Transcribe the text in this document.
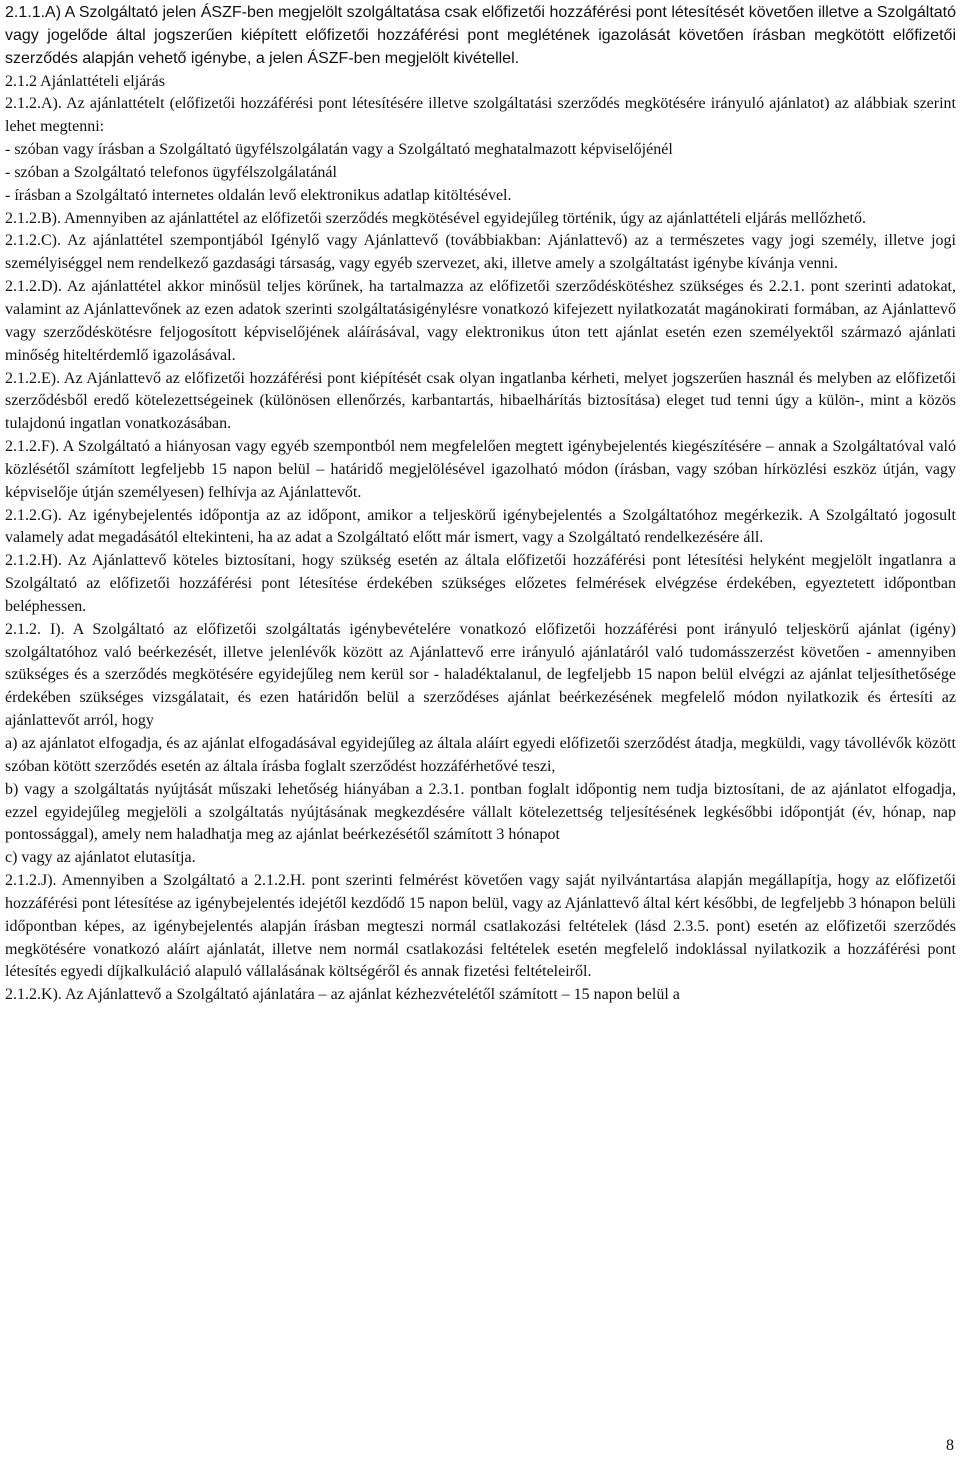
2.1.1.A) A Szolgáltató jelen ÁSZF-ben megjelölt szolgáltatása csak előfizetői hozzáférési pont létesítését követően illetve a Szolgáltató vagy jogelőde által jogszerűen kiépített előfizetői hozzáférési pont meglétének igazolását követően írásban megkötött előfizetői szerződés alapján vehető igénybe, a jelen ÁSZF-ben megjelölt kivétellel.

2.1.2 Ajánlattételi eljárás

2.1.2.A). Az ajánlattételt (előfizetői hozzáférési pont létesítésére illetve szolgáltatási szerződés megkötésére irányuló ajánlatot) az alábbiak szerint lehet megtenni:

- szóban vagy írásban a Szolgáltató ügyfélszolgálatán vagy a Szolgáltató meghatalmazott képviselőjénél

- szóban a Szolgáltató telefonos ügyfélszolgálatánál

- írásban a Szolgáltató internetes oldalán levő elektronikus adatlap kitöltésével.

2.1.2.B). Amennyiben az ajánlattétel az előfizetői szerződés megkötésével egyidejűleg történik, úgy az ajánlattételi eljárás mellőzhető.

2.1.2.C). Az ajánlattétel szempontjából Igénylő vagy Ajánlattevő (továbbiakban: Ajánlattevő) az a természetes vagy jogi személy, illetve jogi személyiséggel nem rendelkező gazdasági társaság, vagy egyéb szervezet, aki, illetve amely a szolgáltatást igénybe kívánja venni.

2.1.2.D). Az ajánlattétel akkor minősül teljes körűnek, ha tartalmazza az előfizetői szerződéskötéshez szükséges és 2.2.1. pont szerinti adatokat, valamint az Ajánlattevőnek az ezen adatok szerinti szolgáltatásigénylésre vonatkozó kifejezett nyilatkozatát magánokirati formában, az Ajánlattevő vagy szerződéskötésre feljogosított képviselőjének aláírásával, vagy elektronikus úton tett ajánlat esetén ezen személyektől származó ajánlati minőség hiteltérdemlő igazolásával.

2.1.2.E). Az Ajánlattevő az előfizetői hozzáférési pont kiépítését csak olyan ingatlanba kérheti, melyet jogszerűen használ és melyben az előfizetői szerződésből eredő kötelezettségeinek (különösen ellenőrzés, karbantartás, hibaelhárítás biztosítása) eleget tud tenni úgy a külön-, mint a közös tulajdonú ingatlan vonatkozásában.

2.1.2.F). A Szolgáltató a hiányosan vagy egyéb szempontból nem megfelelően megtett igénybejelentés kiegészítésére – annak a Szolgáltatóval való közlésétől számított legfeljebb 15 napon belül – határidő megjelölésével igazolható módon (írásban, vagy szóban hírközlési eszköz útján, vagy képviselője útján személyesen) felhívja az Ajánlattevőt.

2.1.2.G). Az igénybejelentés időpontja az az időpont, amikor a teljeskörű igénybejelentés a Szolgáltatóhoz megérkezik. A Szolgáltató jogosult valamely adat megadásától eltekinteni, ha az adat a Szolgáltató előtt már ismert, vagy a Szolgáltató rendelkezésére áll.

2.1.2.H). Az Ajánlattevő köteles biztosítani, hogy szükség esetén az általa előfizetői hozzáférési pont létesítési helyként megjelölt ingatlanra a Szolgáltató az előfizetői hozzáférési pont létesítése érdekében szükséges előzetes felmérések elvégzése érdekében, egyeztetett időpontban beléphessen.

2.1.2. I). A Szolgáltató az előfizetői szolgáltatás igénybevételére vonatkozó előfizetői hozzáférési pont irányuló teljeskörű ajánlat (igény) szolgáltatóhoz való beérkezését, illetve jelenlévők között az Ajánlattevő erre irányuló ajánlatáról való tudomásszerzést követően - amennyiben szükséges és a szerződés megkötésére egyidejűleg nem kerül sor - haladéktalanul, de legfeljebb 15 napon belül elvégzi az ajánlat teljesíthetősége érdekében szükséges vizsgálatait, és ezen határidőn belül a szerződéses ajánlat beérkezésének megfelelő módon nyilatkozik és értesíti az ajánlattevőt arról, hogy

a) az ajánlatot elfogadja, és az ajánlat elfogadásával egyidejűleg az általa aláírt egyedi előfizetői szerződést átadja, megküldi, vagy távollévők között szóban kötött szerződés esetén az általa írásba foglalt szerződést hozzáférhetővé teszi,

b) vagy a szolgáltatás nyújtását műszaki lehetőség hiányában a 2.3.1. pontban foglalt időpontig nem tudja biztosítani, de az ajánlatot elfogadja, ezzel egyidejűleg megjelöli a szolgáltatás nyújtásának megkezdésére vállalt kötelezettség teljesítésének legkésőbbi időpontját (év, hónap, nap pontossággal), amely nem haladhatja meg az ajánlat beérkezésétől számított 3 hónapot

c) vagy az ajánlatot elutasítja.

2.1.2.J). Amennyiben a Szolgáltató a 2.1.2.H. pont szerinti felmérést követően vagy saját nyilvántartása alapján megállapítja, hogy az előfizetői hozzáférési pont létesítése az igénybejelentés idejétől kezdődő 15 napon belül, vagy az Ajánlattevő által kért későbbi, de legfeljebb 3 hónapon belüli időpontban képes, az igénybejelentés alapján írásban megteszi normál csatlakozási feltételek (lásd 2.3.5. pont) esetén az előfizetői szerződés megkötésére vonatkozó aláírt ajánlatát, illetve nem normál csatlakozási feltételek esetén megfelelő indoklással nyilatkozik a hozzáférési pont létesítés egyedi díjkalkuláció alapuló vállalásának költségéről és annak fizetési feltételeiről.

2.1.2.K). Az Ajánlattevő a Szolgáltató ajánlatára – az ajánlat kézhezvételétől számított – 15 napon belül a

8
